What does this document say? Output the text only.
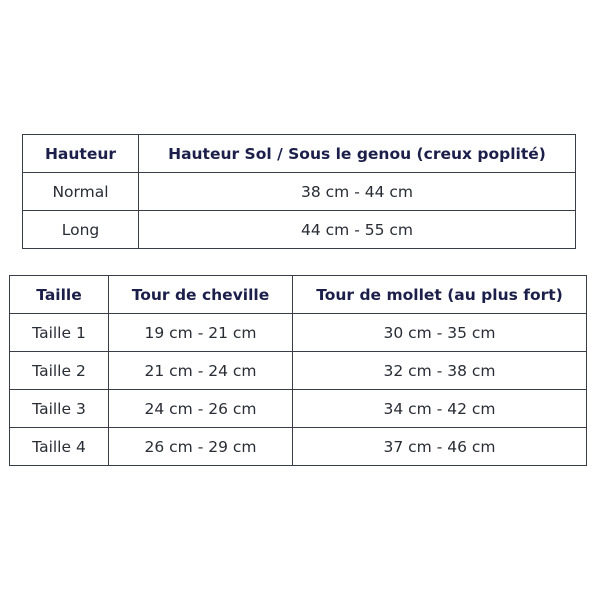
Hauteur	Hauteur Sol / Sous le genou (creux poplité)
Normal	38 cm - 44 cm
Long	44 cm - 55 cm
Taille	Tour de cheville	Tour de mollet (au plus fort)
Taille 1	19 cm - 21 cm	30 cm - 35 cm
Taille 2	21 cm - 24 cm	32 cm - 38 cm
Taille 3	24 cm - 26 cm	34 cm - 42 cm
Taille 4	26 cm - 29 cm	37 cm - 46 cm
